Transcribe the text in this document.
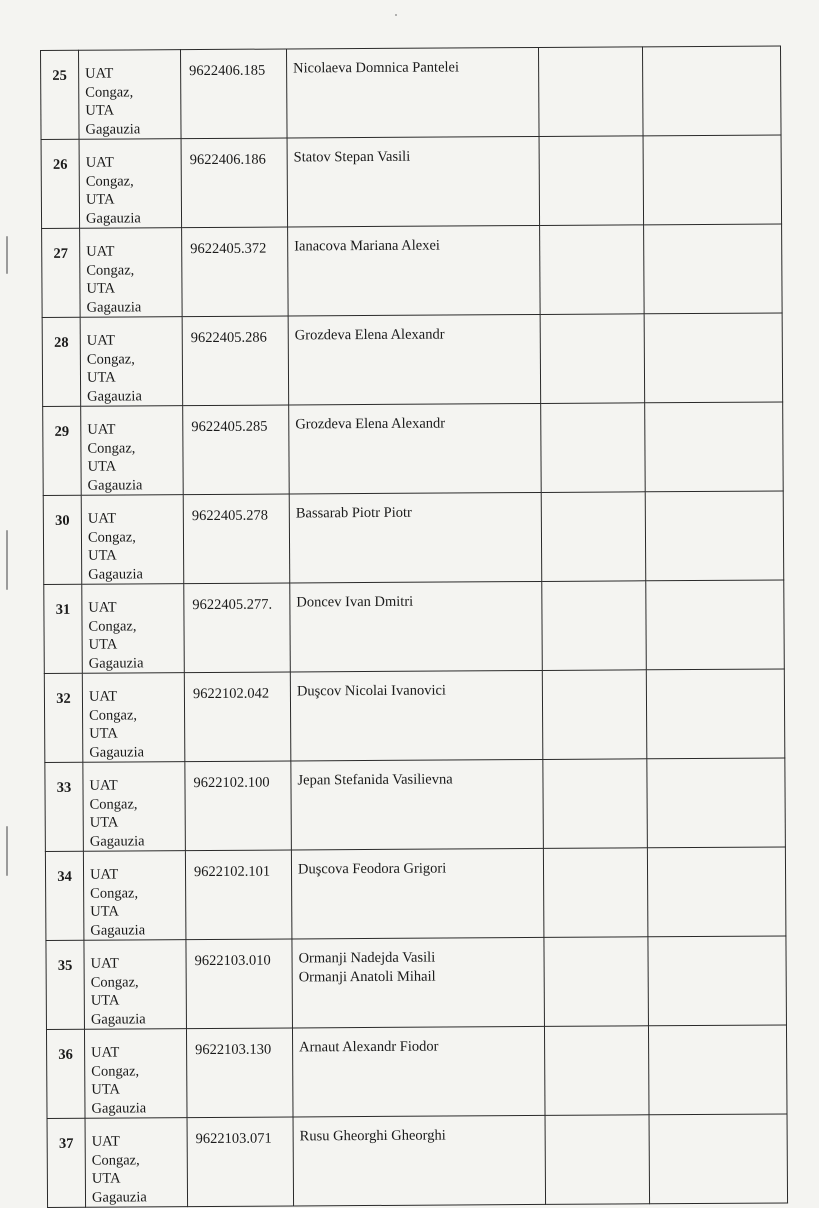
25	UAT
Congaz,
UTA
Gagauzia	9622406.185	Nicolaeva Domnica Pantelei		

26	UAT
Congaz,
UTA
Gagauzia	9622406.186	Statov Stepan Vasili		

27	UAT
Congaz,
UTA
Gagauzia	9622405.372	Ianacova Mariana Alexei		

28	UAT
Congaz,
UTA
Gagauzia	9622405.286	Grozdeva Elena Alexandr		

29	UAT
Congaz,
UTA
Gagauzia	9622405.285	Grozdeva Elena Alexandr		

30	UAT
Congaz,
UTA
Gagauzia	9622405.278	Bassarab Piotr Piotr		

31	UAT
Congaz,
UTA
Gagauzia	9622405.277.	Doncev Ivan Dmitri		

32	UAT
Congaz,
UTA
Gagauzia	9622102.042	Duşcov Nicolai Ivanovici		

33	UAT
Congaz,
UTA
Gagauzia	9622102.100	Jepan Stefanida Vasilievna		

34	UAT
Congaz,
UTA
Gagauzia	9622102.101	Duşcova Feodora Grigori		

35	UAT
Congaz,
UTA
Gagauzia	9622103.010	Ormanji Nadejda Vasili
Ormanji Anatoli Mihail		

36	UAT
Congaz,
UTA
Gagauzia	9622103.130	Arnaut Alexandr Fiodor		

37	UAT
Congaz,
UTA
Gagauzia	9622103.071	Rusu Gheorghi Gheorghi		
